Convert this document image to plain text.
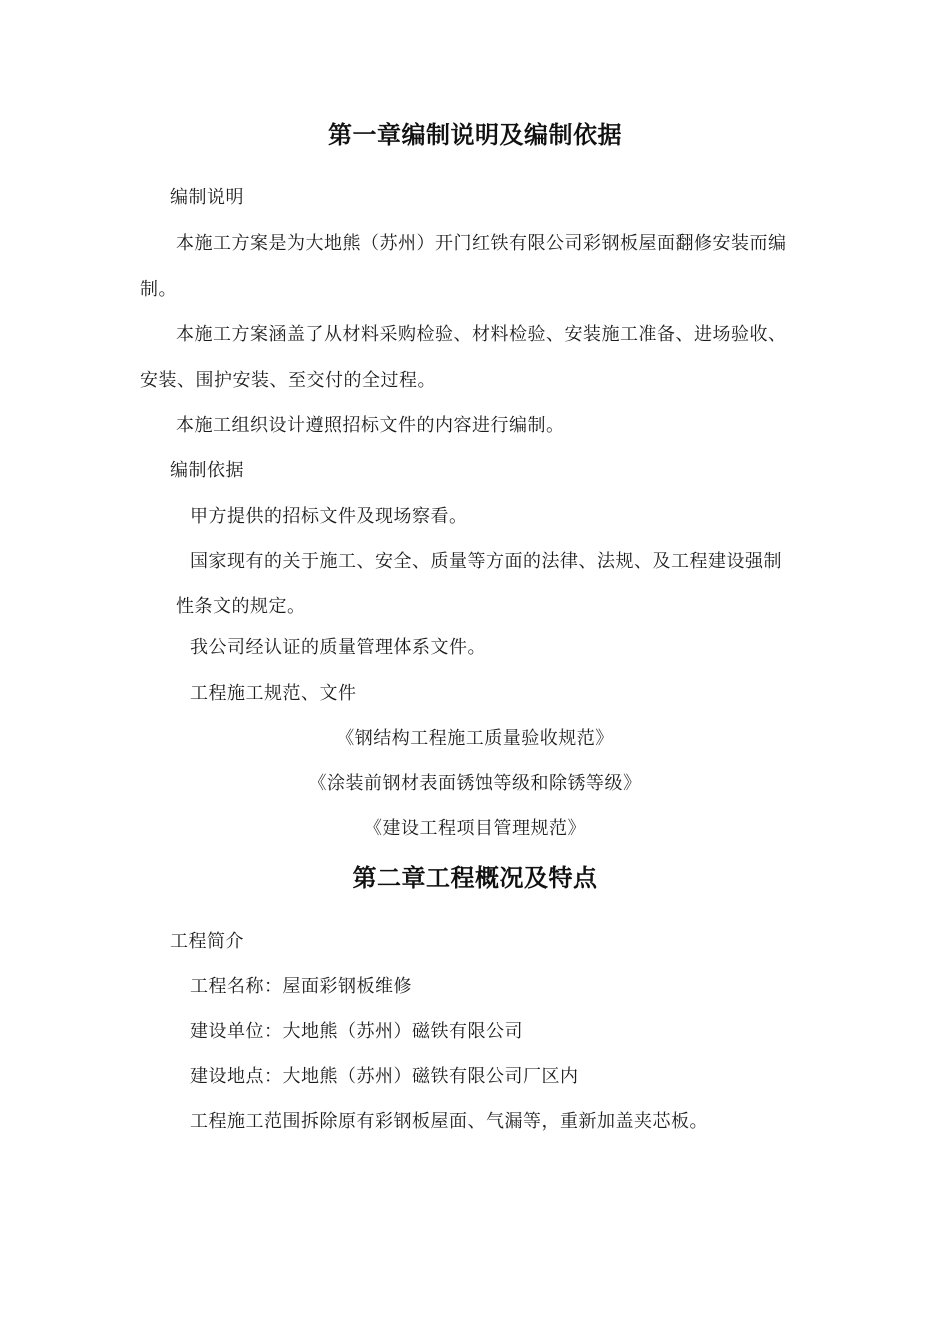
第一章编制说明及编制依据
编制说明
本施工方案是为大地熊（苏州）开门红铁有限公司彩钢板屋面翻修安装而编
制。
本施工方案涵盖了从材料采购检验、材料检验、安装施工准备、进场验收、
安装、围护安装、至交付的全过程。
本施工组织设计遵照招标文件的内容进行编制。
编制依据
甲方提供的招标文件及现场察看。
国家现有的关于施工、安全、质量等方面的法律、法规、及工程建设强制
性条文的规定。
我公司经认证的质量管理体系文件。
工程施工规范、文件
《钢结构工程施工质量验收规范》
《涂装前钢材表面锈蚀等级和除锈等级》
《建设工程项目管理规范》
第二章工程概况及特点
工程简介
工程名称：屋面彩钢板维修
建设单位：大地熊（苏州）磁铁有限公司
建设地点：大地熊（苏州）磁铁有限公司厂区内
工程施工范围拆除原有彩钢板屋面、气漏等，重新加盖夹芯板。
